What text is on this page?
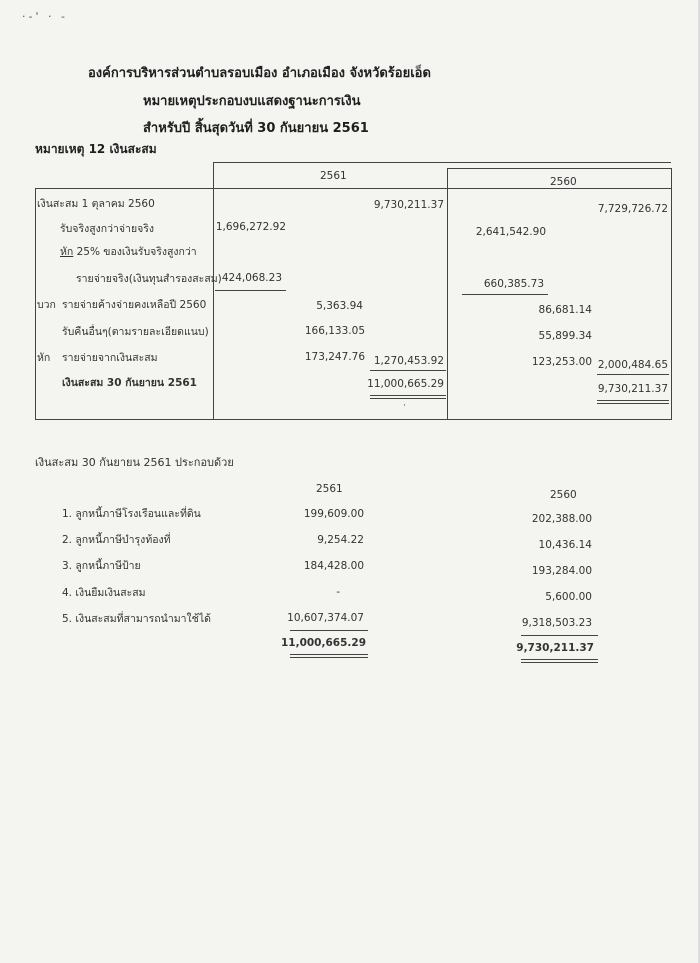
·-' · -
องค์การบริหารส่วนตำบลรอบเมือง อำเภอเมือง จังหวัดร้อยเอ็ด
หมายเหตุประกอบงบแสดงฐานะการเงิน
สำหรับปี สิ้นสุดวันที่ 30 กันยายน 2561
หมายเหตุ 12 เงินสะสม
2561	2560
เงินสะสม 1 ตุลาคม 2560	9,730,211.37	7,729,726.72
รับจริงสูงกว่าจ่ายจริง	1,696,272.92	2,641,542.90
หัก 25% ของเงินรับจริงสูงกว่า
รายจ่ายจริง(เงินทุนสำรองสะสม) 424,068.23	660,385.73
บวก รายจ่ายค้างจ่ายคงเหลือปี 2560	5,363.94	86,681.14
รับคืนอื่นๆ(ตามรายละเอียดแนบ)	166,133.05	55,899.34
หัก รายจ่ายจากเงินสะสม	173,247.76 1,270,453.92	123,253.00 2,000,484.65
เงินสะสม 30 กันยายน 2561	11,000,665.29	9,730,211.37
·
เงินสะสม 30 กันยายน 2561 ประกอบด้วย
2561	2560
1. ลูกหนี้ภาษีโรงเรือนและที่ดิน	199,609.00	202,388.00
2. ลูกหนี้ภาษีบำรุงท้องที่	9,254.22	10,436.14
3. ลูกหนี้ภาษีป้าย	184,428.00	193,284.00
4. เงินยืมเงินสะสม	-	5,600.00
5. เงินสะสมที่สามารถนำมาใช้ได้	10,607,374.07	9,318,503.23
11,000,665.29	9,730,211.37
